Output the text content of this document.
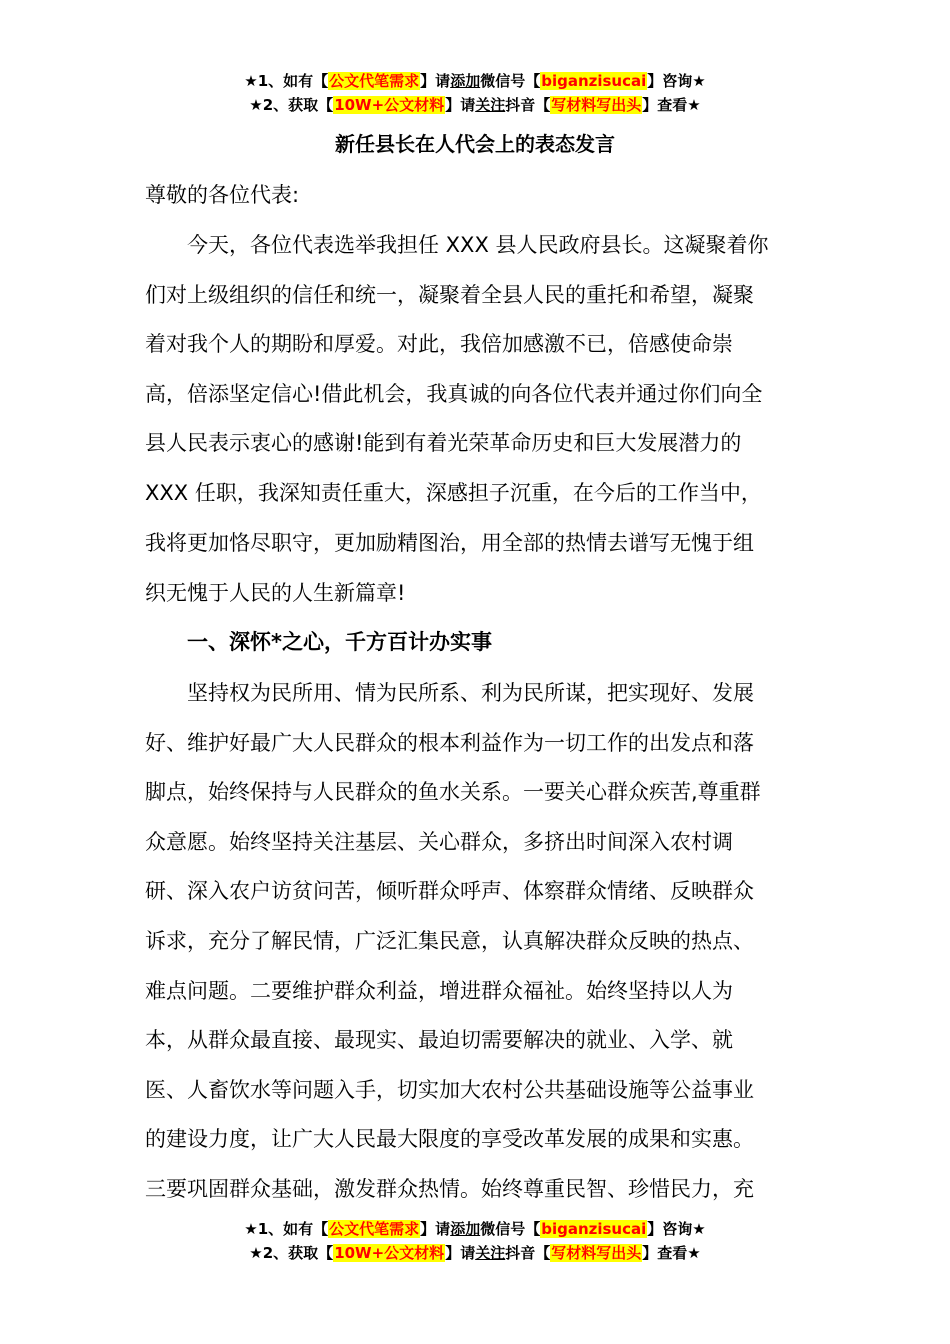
★1、如有【公文代笔需求】请添加微信号【biganzisucai】咨询★
★2、获取【10W+公文材料】请关注抖音【写材料写出头】查看★
新任县长在人代会上的表态发言
尊敬的各位代表:
今天，各位代表选举我担任 XXX 县人民政府县长。这凝聚着你
们对上级组织的信任和统一，凝聚着全县人民的重托和希望，凝聚
着对我个人的期盼和厚爱。对此，我倍加感激不已，倍感使命崇
高，倍添坚定信心!借此机会，我真诚的向各位代表并通过你们向全
县人民表示衷心的感谢!能到有着光荣革命历史和巨大发展潜力的
XXX 任职，我深知责任重大，深感担子沉重，在今后的工作当中，
我将更加恪尽职守，更加励精图治，用全部的热情去谱写无愧于组
织无愧于人民的人生新篇章!
一、深怀*之心，千方百计办实事
坚持权为民所用、情为民所系、利为民所谋，把实现好、发展
好、维护好最广大人民群众的根本利益作为一切工作的出发点和落
脚点，始终保持与人民群众的鱼水关系。一要关心群众疾苦,尊重群
众意愿。始终坚持关注基层、关心群众，多挤出时间深入农村调
研、深入农户访贫问苦，倾听群众呼声、体察群众情绪、反映群众
诉求，充分了解民情，广泛汇集民意，认真解决群众反映的热点、
难点问题。二要维护群众利益，增进群众福祉。始终坚持以人为
本，从群众最直接、最现实、最迫切需要解决的就业、入学、就
医、人畜饮水等问题入手，切实加大农村公共基础设施等公益事业
的建设力度，让广大人民最大限度的享受改革发展的成果和实惠。
三要巩固群众基础，激发群众热情。始终尊重民智、珍惜民力，充
★1、如有【公文代笔需求】请添加微信号【biganzisucai】咨询★
★2、获取【10W+公文材料】请关注抖音【写材料写出头】查看★
